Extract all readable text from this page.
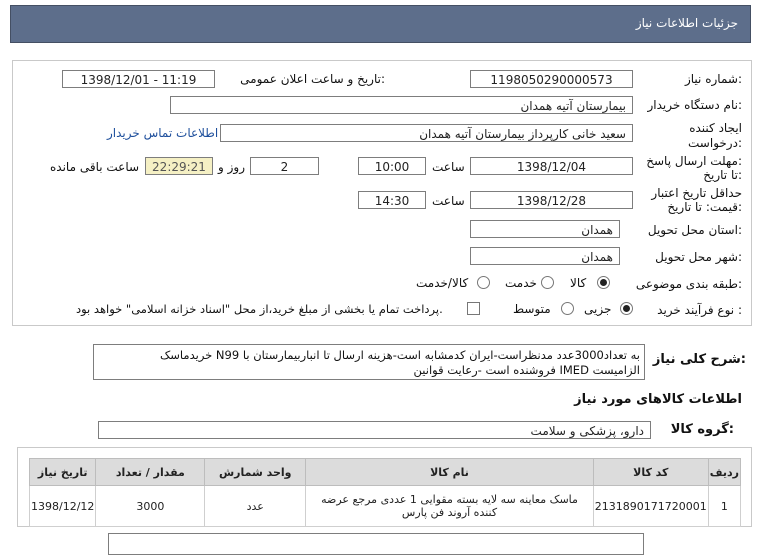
جزئیات اطلاعات نیاز
شماره نیاز:
1198050290000573
تاریخ و ساعت اعلان عمومی:
1398/12/01 - 11:19
نام دستگاه خریدار:
بیمارستان آتیه همدان
ایجاد کننده
درخواست:
سعید خانی کارپرداز بیمارستان آتیه همدان
اطلاعات تماس خریدار
مهلت ارسال پاسخ:
تا تاریخ:
1398/12/04
ساعت
10:00
2
روز و
22:29:21
ساعت باقی مانده
حداقل تاریخ اعتبار
قیمت: تا تاریخ:
1398/12/28
ساعت
14:30
استان محل تحویل:
همدان
شهر محل تحویل:
همدان
طبقه بندی موضوعی:
کالا
خدمت
کالا/خدمت
نوع فرآیند خرید :
جزیی
متوسط
پرداخت تمام یا بخشی از مبلغ خرید،از محل "اسناد خزانه اسلامی" خواهد بود.
شرح کلی نیاز:
خریدماسک N99 به تعداد3000عدد مدنظراست-ایران کدمشابه است-هزینه ارسال تا انباربیمارستان با
فروشنده است -رعایت قوانین IMED الزامیست
اطلاعات کالاهای مورد نیاز
گروه کالا:
دارو، پزشکی و سلامت
ردیف	کد کالا	نام کالا	واحد شمارش	مقدار / تعداد	تاریخ نیاز
1	2131890171720001	ماسک معاینه سه لایه بسته مقوایی 1 عددی مرجع عرضه
کننده آروند فن پارس	عدد	3000	1398/12/12
